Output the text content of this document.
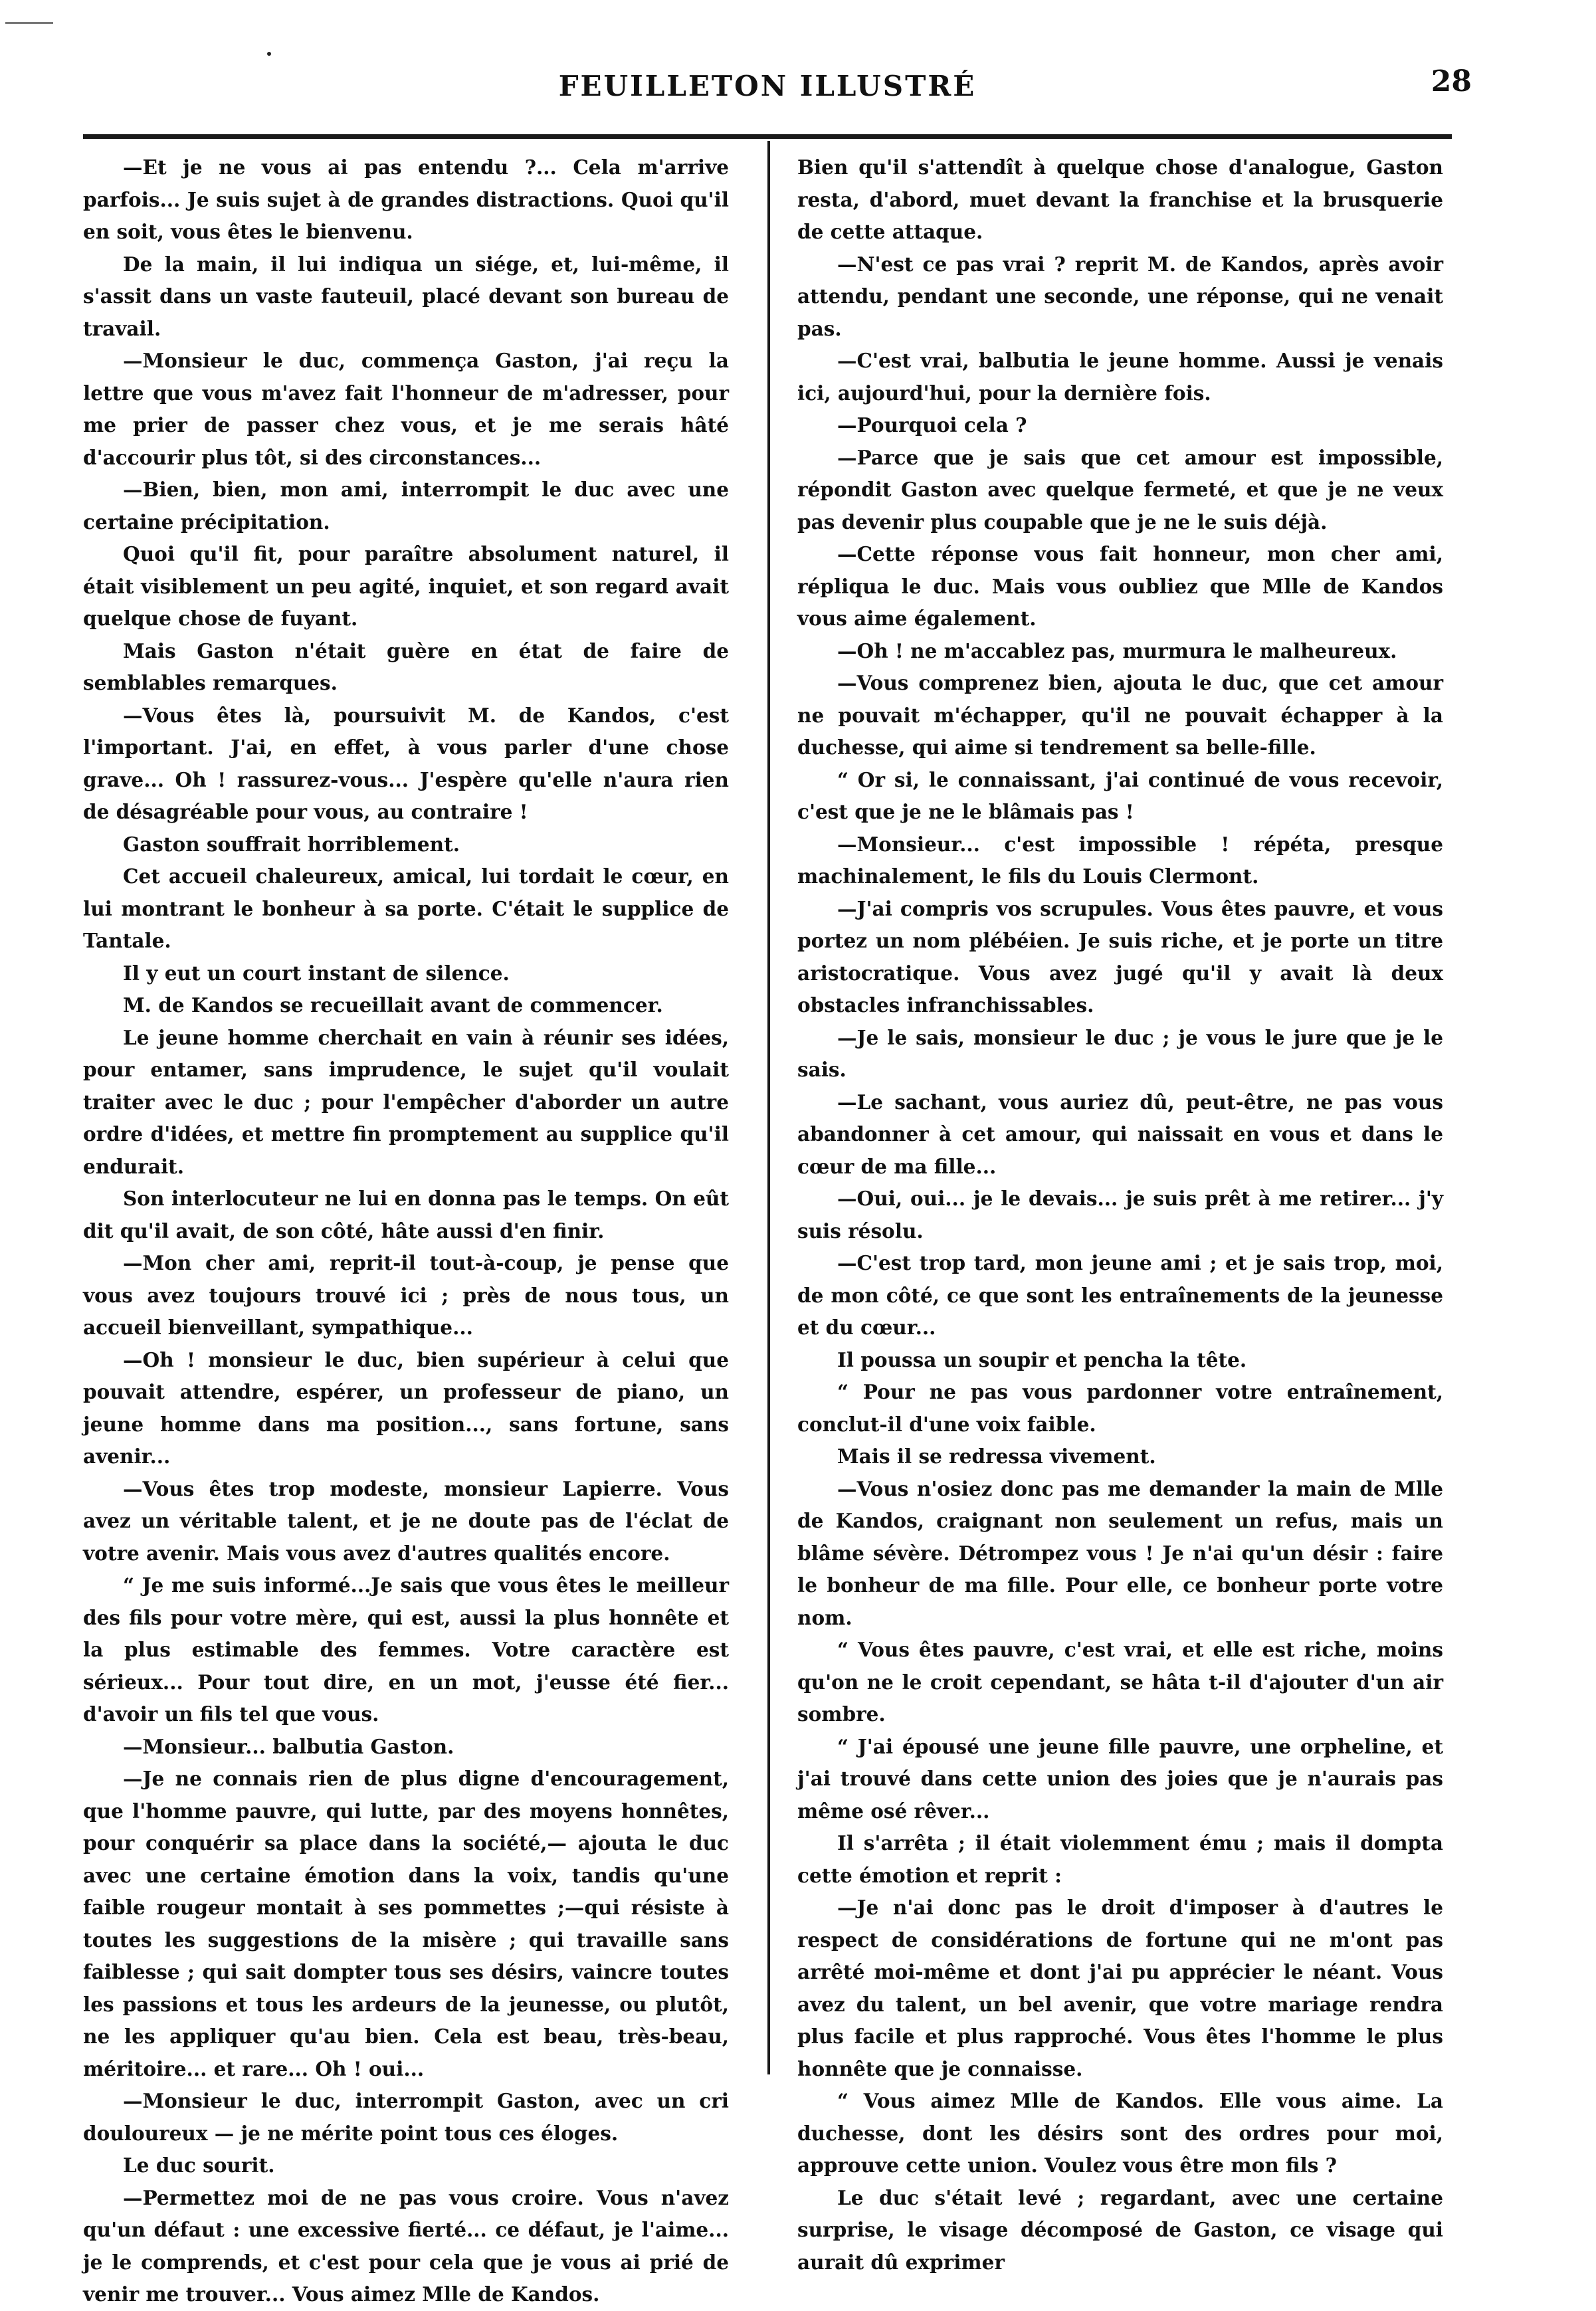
FEUILLETON ILLUSTRÉ	28

—Et je ne vous ai pas entendu ?... Cela m'arrive parfois... Je suis sujet à de grandes distractions. Quoi qu'il en soit, vous êtes le bienvenu.

De la main, il lui indiqua un siége, et, lui-même, il s'assit dans un vaste fauteuil, placé devant son bureau de travail.

—Monsieur le duc, commença Gaston, j'ai reçu la lettre que vous m'avez fait l'honneur de m'adresser, pour me prier de passer chez vous, et je me serais hâté d'accourir plus tôt, si des circonstances...

—Bien, bien, mon ami, interrompit le duc avec une certaine précipitation.

Quoi qu'il fit, pour paraître absolument naturel, il était visiblement un peu agité, inquiet, et son regard avait quelque chose de fuyant.

Mais Gaston n'était guère en état de faire de semblables remarques.

—Vous êtes là, poursuivit M. de Kandos, c'est l'important. J'ai, en effet, à vous parler d'une chose grave... Oh ! rassurez-vous... J'espère qu'elle n'aura rien de désagréable pour vous, au contraire !

Gaston souffrait horriblement.

Cet accueil chaleureux, amical, lui tordait le cœur, en lui montrant le bonheur à sa porte. C'était le supplice de Tantale.

Il y eut un court instant de silence.

M. de Kandos se recueillait avant de commencer.

Le jeune homme cherchait en vain à réunir ses idées, pour entamer, sans imprudence, le sujet qu'il voulait traiter avec le duc ; pour l'empêcher d'aborder un autre ordre d'idées, et mettre fin promptement au supplice qu'il endurait.

Son interlocuteur ne lui en donna pas le temps. On eût dit qu'il avait, de son côté, hâte aussi d'en finir.

—Mon cher ami, reprit-il tout-à-coup, je pense que vous avez toujours trouvé ici ; près de nous tous, un accueil bienveillant, sympathique...

—Oh ! monsieur le duc, bien supérieur à celui que pouvait attendre, espérer, un professeur de piano, un jeune homme dans ma position..., sans fortune, sans avenir...

—Vous êtes trop modeste, monsieur Lapierre. Vous avez un véritable talent, et je ne doute pas de l'éclat de votre avenir. Mais vous avez d'autres qualités encore.

“ Je me suis informé...Je sais que vous êtes le meilleur des fils pour votre mère, qui est, aussi la plus honnête et la plus estimable des femmes. Votre caractère est sérieux... Pour tout dire, en un mot, j'eusse été fier... d'avoir un fils tel que vous.

—Monsieur... balbutia Gaston.

—Je ne connais rien de plus digne d'encouragement, que l'homme pauvre, qui lutte, par des moyens honnêtes, pour conquérir sa place dans la société,— ajouta le duc avec une certaine émotion dans la voix, tandis qu'une faible rougeur montait à ses pommettes ;—qui résiste à toutes les suggestions de la misère ; qui travaille sans faiblesse ; qui sait dompter tous ses désirs, vaincre toutes les passions et tous les ardeurs de la jeunesse, ou plutôt, ne les appliquer qu'au bien. Cela est beau, très-beau, méritoire... et rare... Oh ! oui...

—Monsieur le duc, interrompit Gaston, avec un cri douloureux — je ne mérite point tous ces éloges.

Le duc sourit.

—Permettez moi de ne pas vous croire. Vous n'avez qu'un défaut : une excessive fierté... ce défaut, je l'aime... je le comprends, et c'est pour cela que je vous ai prié de venir me trouver... Vous aimez Mlle de Kandos.

Bien qu'il s'attendît à quelque chose d'analogue, Gaston resta, d'abord, muet devant la franchise et la brusquerie de cette attaque.

—N'est ce pas vrai ? reprit M. de Kandos, après avoir attendu, pendant une seconde, une réponse, qui ne venait pas.

—C'est vrai, balbutia le jeune homme. Aussi je venais ici, aujourd'hui, pour la dernière fois.

—Pourquoi cela ?

—Parce que je sais que cet amour est impossible, répondit Gaston avec quelque fermeté, et que je ne veux pas devenir plus coupable que je ne le suis déjà.

—Cette réponse vous fait honneur, mon cher ami, répliqua le duc. Mais vous oubliez que Mlle de Kandos vous aime également.

—Oh ! ne m'accablez pas, murmura le malheureux.

—Vous comprenez bien, ajouta le duc, que cet amour ne pouvait m'échapper, qu'il ne pouvait échapper à la duchesse, qui aime si tendrement sa belle-fille.

“ Or si, le connaissant, j'ai continué de vous recevoir, c'est que je ne le blâmais pas !

—Monsieur... c'est impossible ! répéta, presque machinalement, le fils du Louis Clermont.

—J'ai compris vos scrupules. Vous êtes pauvre, et vous portez un nom plébéien. Je suis riche, et je porte un titre aristocratique. Vous avez jugé qu'il y avait là deux obstacles infranchissables.

—Je le sais, monsieur le duc ; je vous le jure que je le sais.

—Le sachant, vous auriez dû, peut-être, ne pas vous abandonner à cet amour, qui naissait en vous et dans le cœur de ma fille...

—Oui, oui... je le devais... je suis prêt à me retirer... j'y suis résolu.

—C'est trop tard, mon jeune ami ; et je sais trop, moi, de mon côté, ce que sont les entraînements de la jeunesse et du cœur...

Il poussa un soupir et pencha la tête.

“ Pour ne pas vous pardonner votre entraînement, conclut-il d'une voix faible.

Mais il se redressa vivement.

—Vous n'osiez donc pas me demander la main de Mlle de Kandos, craignant non seulement un refus, mais un blâme sévère. Détrompez vous ! Je n'ai qu'un désir : faire le bonheur de ma fille. Pour elle, ce bonheur porte votre nom.

“ Vous êtes pauvre, c'est vrai, et elle est riche, moins qu'on ne le croit cependant, se hâta t-il d'ajouter d'un air sombre.

“ J'ai épousé une jeune fille pauvre, une orpheline, et j'ai trouvé dans cette union des joies que je n'aurais pas même osé rêver...

Il s'arrêta ; il était violemment ému ; mais il dompta cette émotion et reprit :

—Je n'ai donc pas le droit d'imposer à d'autres le respect de considérations de fortune qui ne m'ont pas arrêté moi-même et dont j'ai pu apprécier le néant. Vous avez du talent, un bel avenir, que votre mariage rendra plus facile et plus rapproché. Vous êtes l'homme le plus honnête que je connaisse.

“ Vous aimez Mlle de Kandos. Elle vous aime. La duchesse, dont les désirs sont des ordres pour moi, approuve cette union. Voulez vous être mon fils ?

Le duc s'était levé ; regardant, avec une certaine surprise, le visage décomposé de Gaston, ce visage qui aurait dû exprimer
